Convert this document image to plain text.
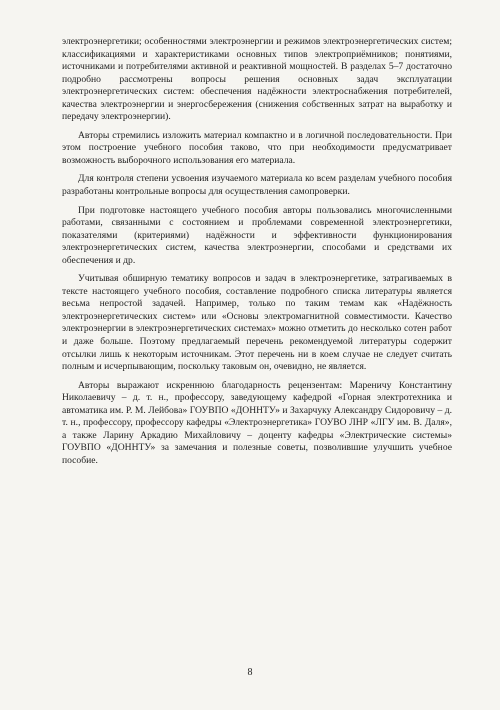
электроэнергетики; особенностями электроэнергии и режимов электроэнергетических систем; классификациями и характеристиками основных типов электроприёмников; понятиями, источниками и потребителями активной и реактивной мощностей. В разделах 5–7 достаточно подробно рассмотрены вопросы решения основных задач эксплуатации электроэнергетических систем: обеспечения надёжности электроснабжения потребителей, качества электроэнергии и энергосбережения (снижения собственных затрат на выработку и передачу электроэнергии).

Авторы стремились изложить материал компактно и в логичной последовательности. При этом построение учебного пособия таково, что при необходимости предусматривает возможность выборочного использования его материала.

Для контроля степени усвоения изучаемого материала ко всем разделам учебного пособия разработаны контрольные вопросы для осуществления самопроверки.

При подготовке настоящего учебного пособия авторы пользовались многочисленными работами, связанными с состоянием и проблемами современной электроэнергетики, показателями (критериями) надёжности и эффективности функционирования электроэнергетических систем, качества электроэнергии, способами и средствами их обеспечения и др.

Учитывая обширную тематику вопросов и задач в электроэнергетике, затрагиваемых в тексте настоящего учебного пособия, составление подробного списка литературы является весьма непростой задачей. Например, только по таким темам как «Надёжность электроэнергетических систем» или «Основы электромагнитной совместимости. Качество электроэнергии в электроэнергетических системах» можно отметить до несколько сотен работ и даже больше. Поэтому предлагаемый перечень рекомендуемой литературы содержит отсылки лишь к некоторым источникам. Этот перечень ни в коем случае не следует считать полным и исчерпывающим, поскольку таковым он, очевидно, не является.

Авторы выражают искреннюю благодарность рецензентам: Мареничу Константину Николаевичу – д. т. н., профессору, заведующему кафедрой «Горная электротехника и автоматика им. Р. М. Лейбова» ГОУВПО «ДОННТУ» и Захарчуку Александру Сидоровичу – д. т. н., профессору, профессору кафедры «Электроэнергетика» ГОУВО ЛНР «ЛГУ им. В. Даля», а также Ларину Аркадию Михайловичу – доценту кафедры «Электрические системы» ГОУВПО «ДОННТУ» за замечания и полезные советы, позволившие улучшить учебное пособие.

8
